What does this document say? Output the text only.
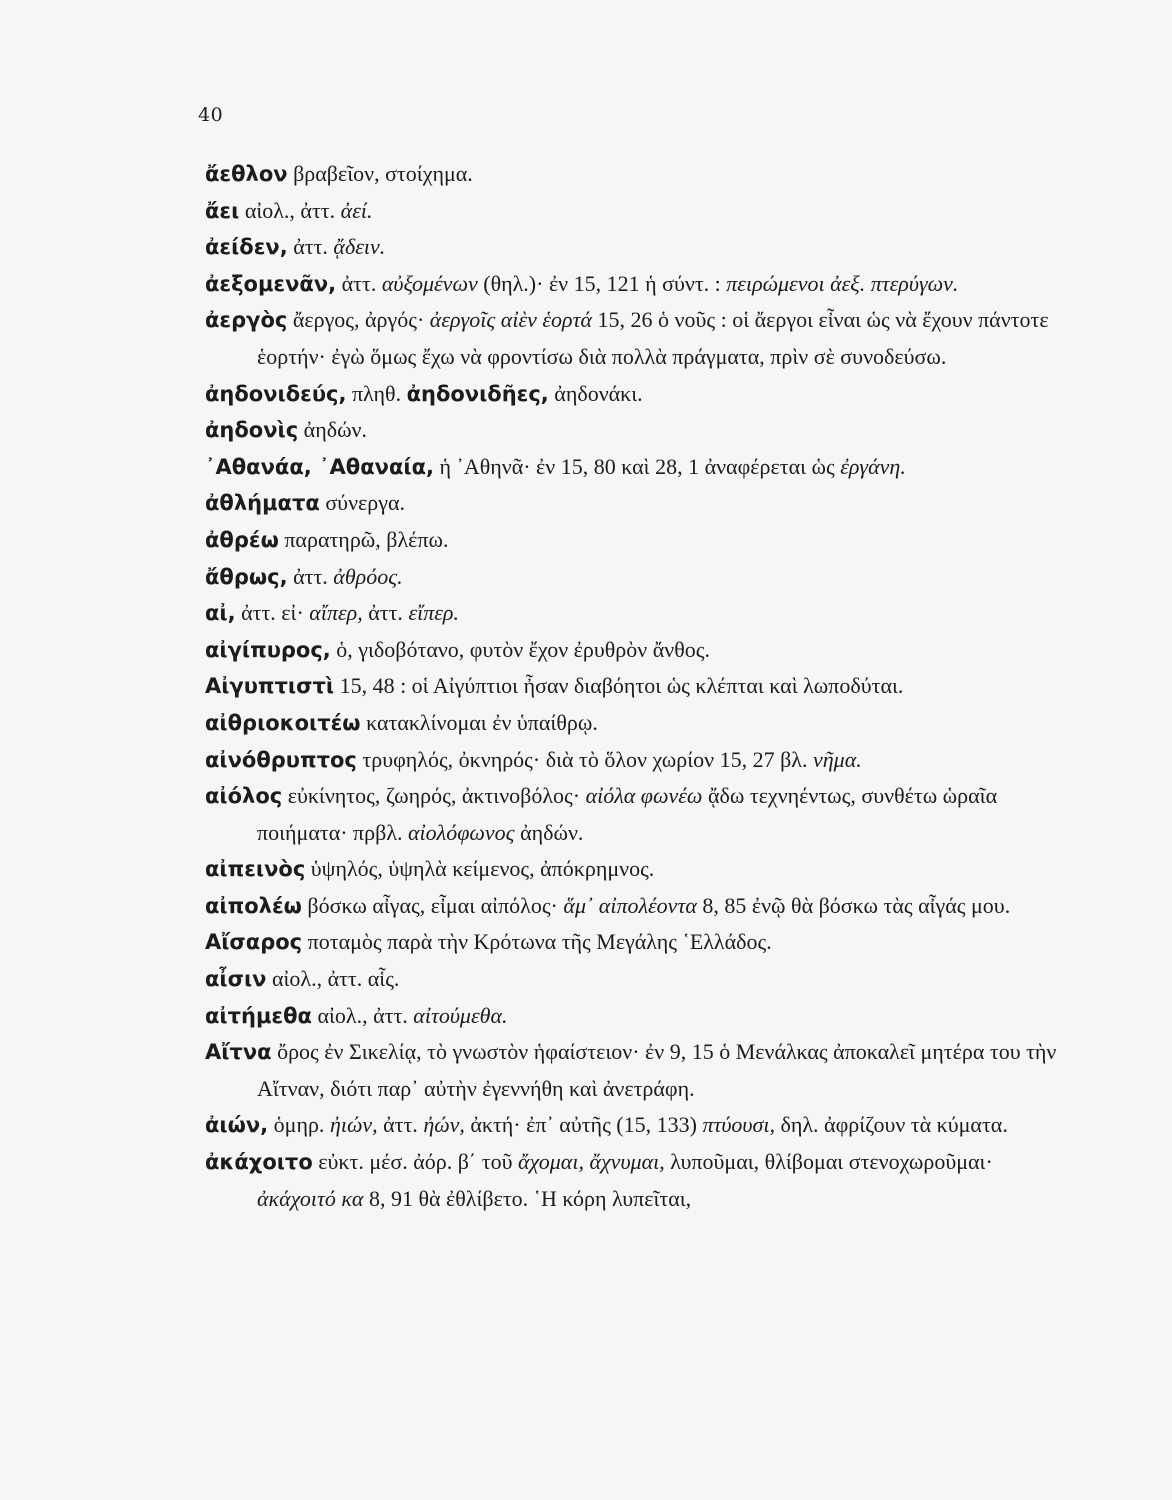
40

ἄεθλον βραβεῖον, στοίχημα.

ἄει αἰολ., ἀττ. ἀεί.

ἀείδεν, ἀττ. ᾄδειν.

ἀεξομενᾶν, ἀττ. αὐξομένων (θηλ.)· ἐν 15, 121 ἡ σύντ. : πειρώμενοι ἀεξ. πτερύγων.

ἀεργὸς ἄεργος, ἀργός· ἀεργοῖς αἰὲν ἑορτά 15, 26 ὁ νοῦς : οἱ ἄεργοι εἶναι ὡς νὰ ἔχουν πάντοτε ἑορτήν· ἐγὼ ὅμως ἔχω νὰ φροντίσω διὰ πολλὰ πράγματα, πρὶν σὲ συνοδεύσω.

ἀηδονιδεύς, πληθ. ἀηδονιδῆες, ἀηδονάκι.

ἀηδονὶς ἀηδών.

᾿Αθανάα, ᾿Αθαναία, ἡ ᾿Αθηνᾶ· ἐν 15, 80 καὶ 28, 1 ἀναφέρεται ὡς ἐργάνη.

ἀθλήματα σύνεργα.

ἀθρέω παρατηρῶ, βλέπω.

ἄθρως, ἀττ. ἀθρόος.

αἰ, ἀττ. εἰ· αἴπερ, ἀττ. εἴπερ.

αἰγίπυρος, ὁ, γιδοβότανο, φυτὸν ἔχον ἐρυθρὸν ἄνθος.

Αἰγυπτιστὶ 15, 48 : οἱ Αἰγύπτιοι ἦσαν διαβόητοι ὡς κλέπται καὶ λωποδύται.

αἰθριοκοιτέω κατακλίνομαι ἐν ὑπαίθρῳ.

αἰνόθρυπτος τρυφηλός, ὀκνηρός· διὰ τὸ ὅλον χωρίον 15, 27 βλ. νῆμα.

αἰόλος εὐκίνητος, ζωηρός, ἀκτινοβόλος· αἰόλα φωνέω ᾄδω τεχνηέντως, συνθέτω ὡραῖα ποιήματα· πρβλ. αἰολόφωνος ἀηδών.

αἰπεινὸς ὑψηλός, ὑψηλὰ κείμενος, ἀπόκρημνος.

αἰπολέω βόσκω αἶγας, εἶμαι αἰπόλος· ἅμ᾿ αἰπολέοντα 8, 85 ἐνῷ θὰ βόσκω τὰς αἶγάς μου.

Αἴσαρος ποταμὸς παρὰ τὴν Κρότωνα τῆς Μεγάλης ῾Ελλάδος.

αἶσιν αἰολ., ἀττ. αἷς.

αἰτήμεθα αἰολ., ἀττ. αἰτούμεθα.

Αἴτνα ὄρος ἐν Σικελίᾳ, τὸ γνωστὸν ἡφαίστειον· ἐν 9, 15 ὁ Μενάλκας ἀποκαλεῖ μητέρα του τὴν Αἴτναν, διότι παρ᾿ αὐτὴν ἐγεννήθη καὶ ἀνετράφη.

ἀιών, ὁμηρ. ἠιών, ἀττ. ἠών, ἀκτή· ἐπ᾿ αὐτῆς (15, 133) πτύουσι, δηλ. ἀφρίζουν τὰ κύματα.

ἀκάχοιτο εὐκτ. μέσ. ἀόρ. β΄ τοῦ ἄχομαι, ἄχνυμαι, λυποῦμαι, θλίβομαι στενοχωροῦμαι· ἀκάχοιτό κα 8, 91 θὰ ἐθλίβετο. ῾Η κόρη λυπεῖται,
